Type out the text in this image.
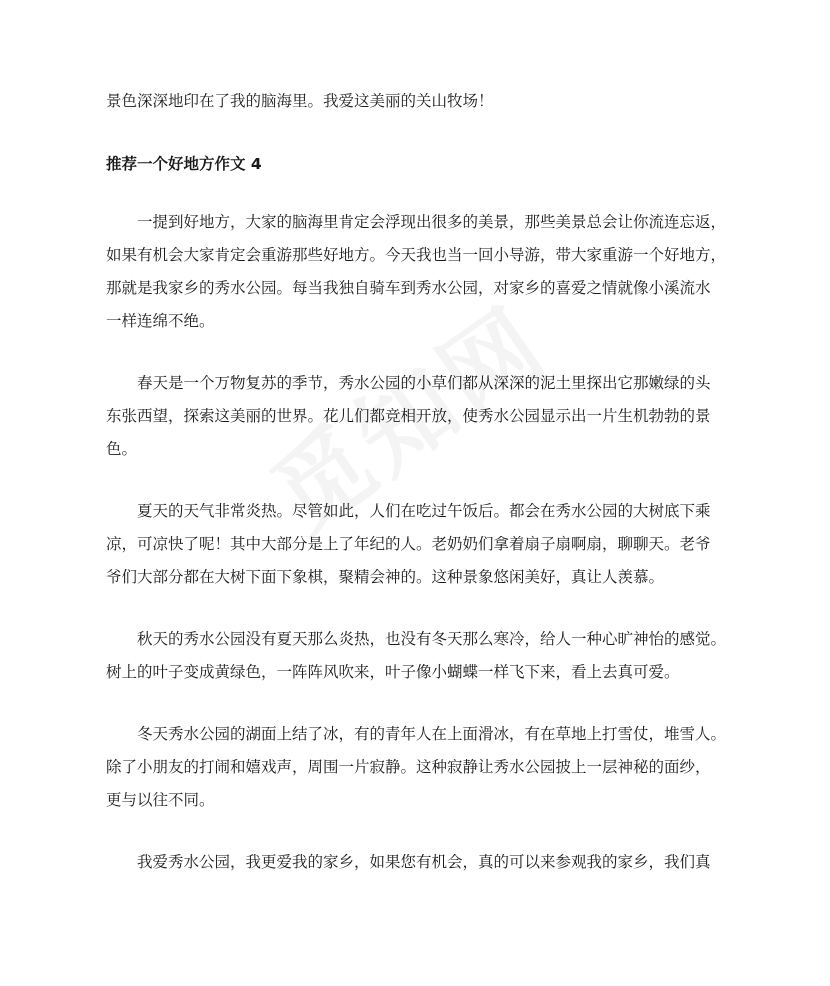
景色深深地印在了我的脑海里。我爱这美丽的关山牧场！
推荐一个好地方作文 4
一提到好地方，大家的脑海里肯定会浮现出很多的美景，那些美景总会让你流连忘返，
如果有机会大家肯定会重游那些好地方。今天我也当一回小导游，带大家重游一个好地方，
那就是我家乡的秀水公园。每当我独自骑车到秀水公园，对家乡的喜爱之情就像小溪流水
一样连绵不绝。
春天是一个万物复苏的季节，秀水公园的小草们都从深深的泥土里探出它那嫩绿的头
东张西望，探索这美丽的世界。花儿们都竞相开放，使秀水公园显示出一片生机勃勃的景
色。
夏天的天气非常炎热。尽管如此，人们在吃过午饭后。都会在秀水公园的大树底下乘
凉，可凉快了呢！其中大部分是上了年纪的人。老奶奶们拿着扇子扇啊扇，聊聊天。老爷
爷们大部分都在大树下面下象棋，聚精会神的。这种景象悠闲美好，真让人羡慕。
秋天的秀水公园没有夏天那么炎热，也没有冬天那么寒冷，给人一种心旷神怡的感觉。
树上的叶子变成黄绿色，一阵阵风吹来，叶子像小蝴蝶一样飞下来，看上去真可爱。
冬天秀水公园的湖面上结了冰，有的青年人在上面滑冰，有在草地上打雪仗，堆雪人。
除了小朋友的打闹和嬉戏声，周围一片寂静。这种寂静让秀水公园披上一层神秘的面纱，
更与以往不同。
我爱秀水公园，我更爱我的家乡，如果您有机会，真的可以来参观我的家乡，我们真
